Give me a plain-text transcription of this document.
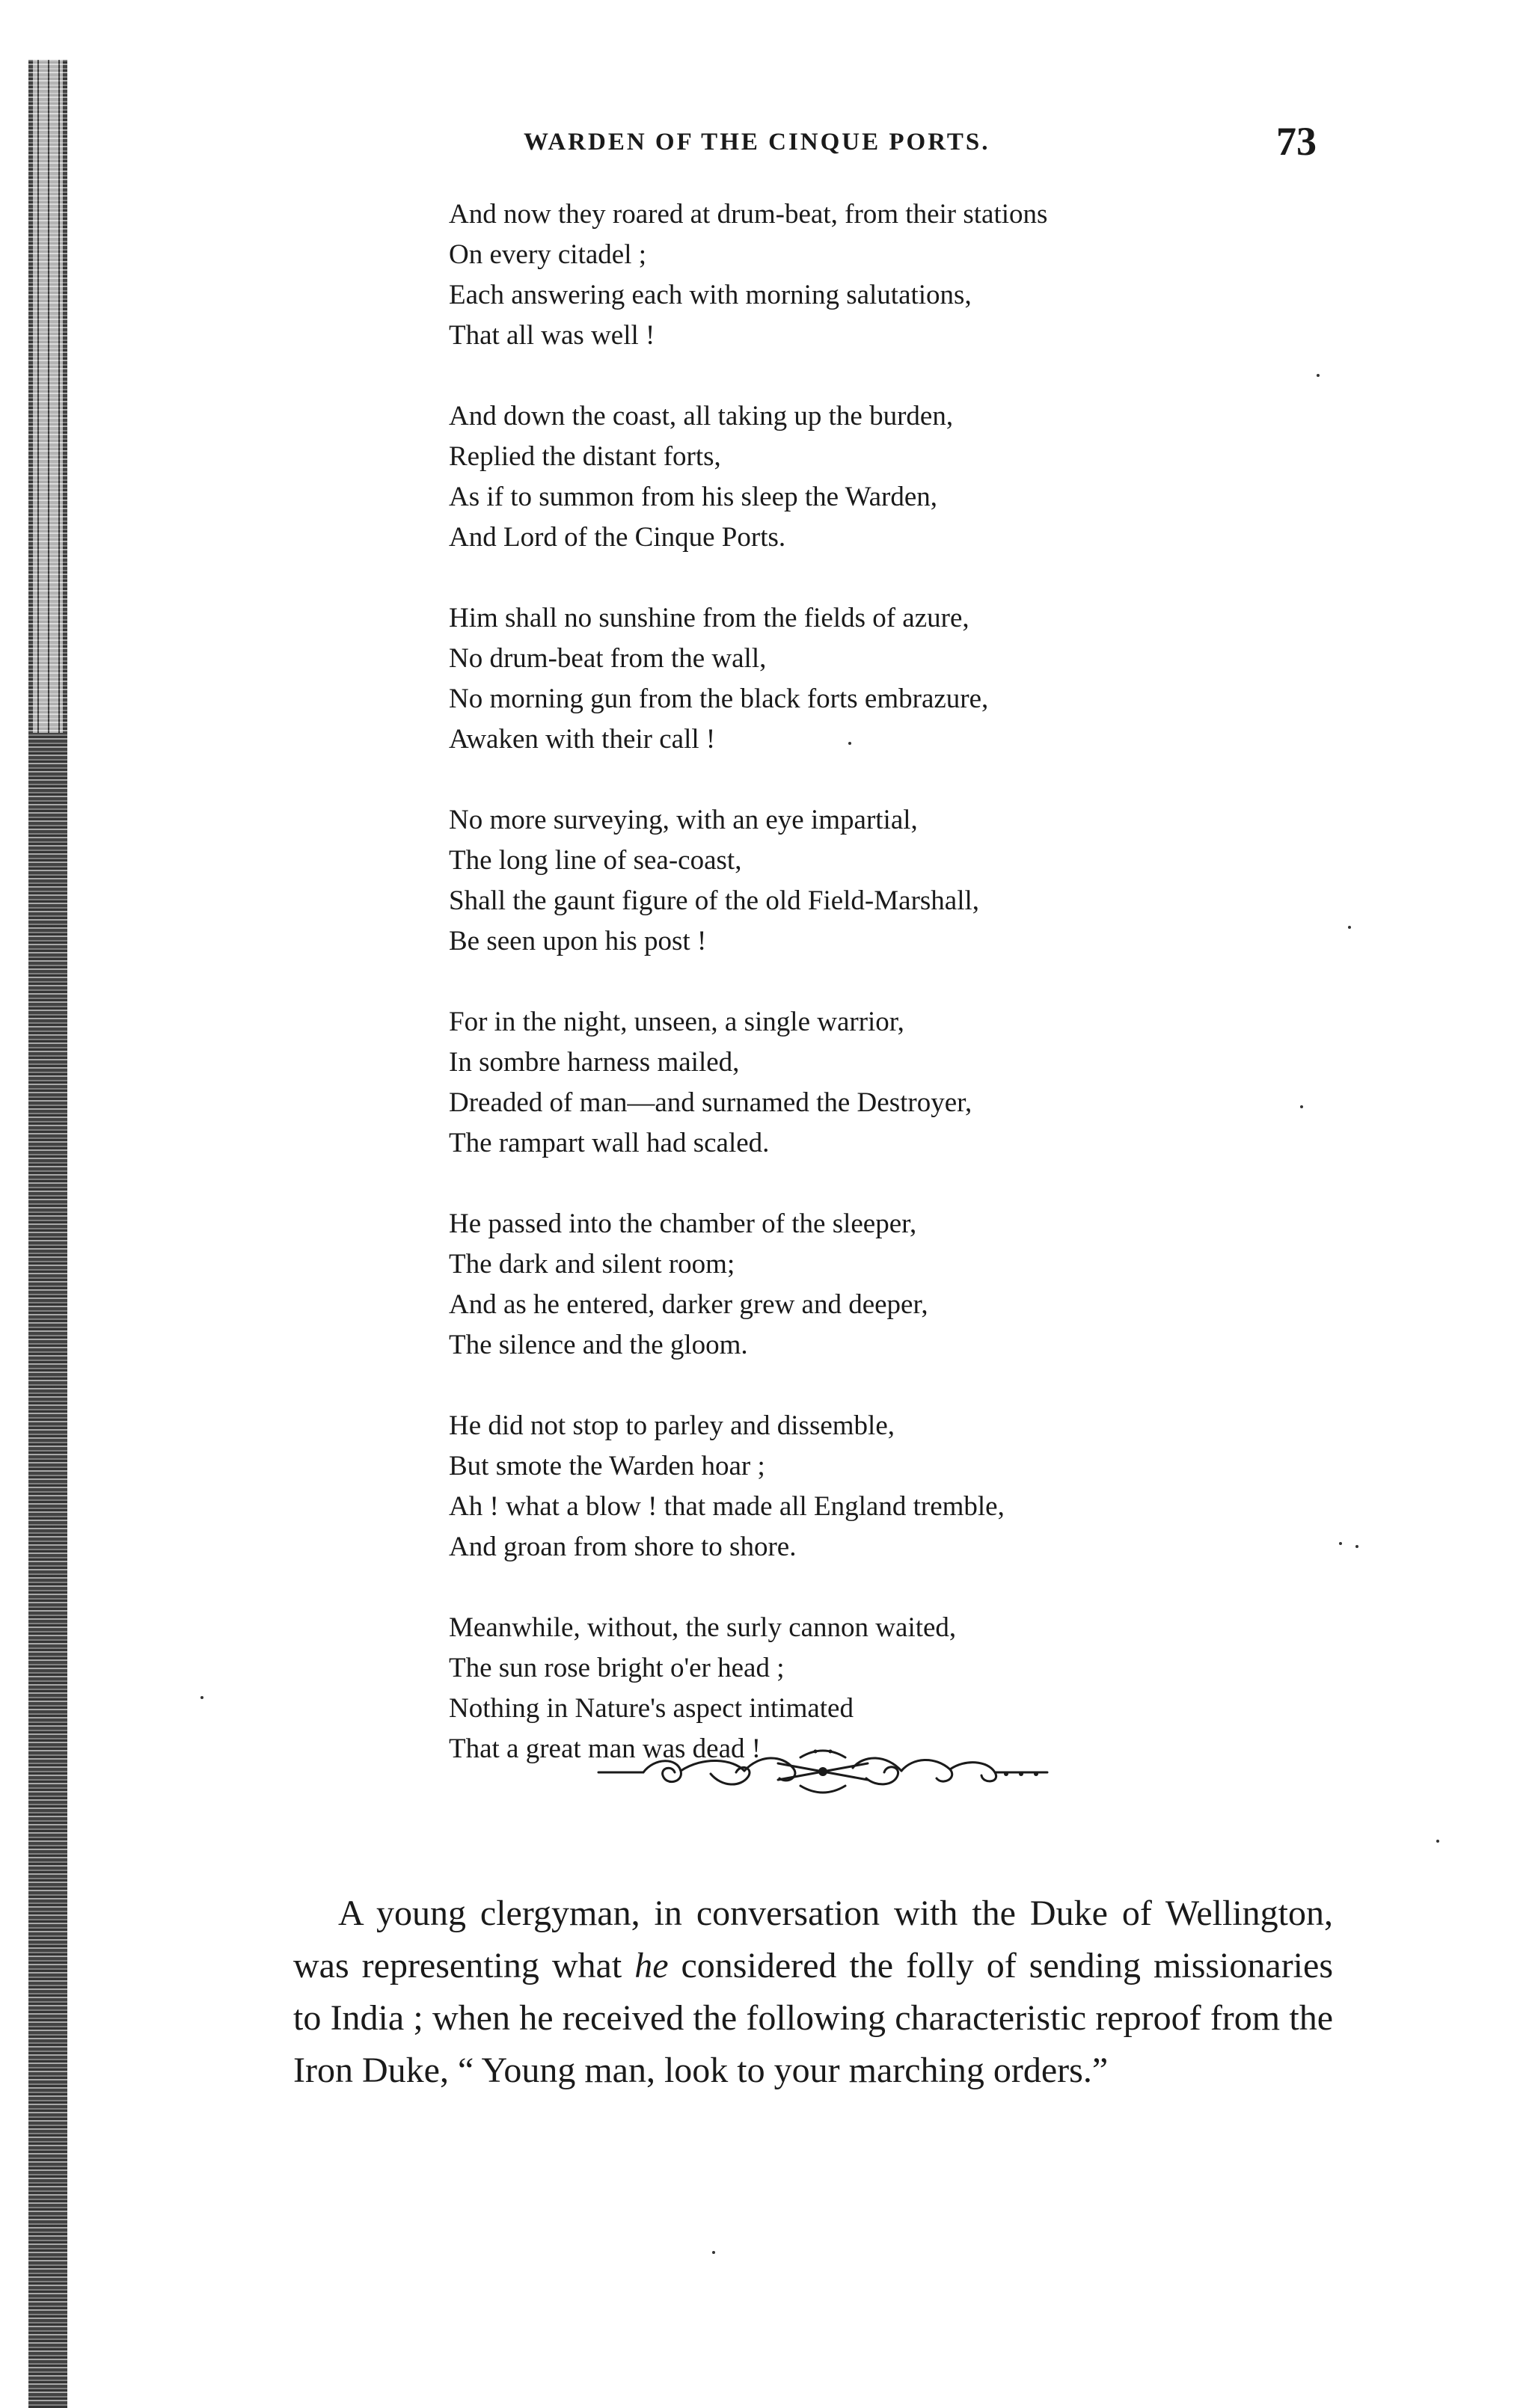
WARDEN OF THE CINQUE PORTS.	73
And now they roared at drum-beat, from their stations
On every citadel ;
Each answering each with morning salutations,
That all was well !
And down the coast, all taking up the burden,
Replied the distant forts,
As if to summon from his sleep the Warden,
And Lord of the Cinque Ports.
Him shall no sunshine from the fields of azure,
No drum-beat from the wall,
No morning gun from the black forts embrazure,
Awaken with their call !
No more surveying, with an eye impartial,
The long line of sea-coast,
Shall the gaunt figure of the old Field-Marshall,
Be seen upon his post !
For in the night, unseen, a single warrior,
In sombre harness mailed,
Dreaded of man—and surnamed the Destroyer,
The rampart wall had scaled.
He passed into the chamber of the sleeper,
The dark and silent room;
And as he entered, darker grew and deeper,
The silence and the gloom.
He did not stop to parley and dissemble,
But smote the Warden hoar ;
Ah ! what a blow ! that made all England tremble,
And groan from shore to shore.
Meanwhile, without, the surly cannon waited,
The sun rose bright o'er head ;
Nothing in Nature's aspect intimated
That a great man was dead !

A young clergyman, in conversation with the Duke of Wellington, was representing what he considered the folly of sending missionaries to India ; when he received the following characteristic reproof from the Iron Duke, “ Young man, look to your marching orders.”
